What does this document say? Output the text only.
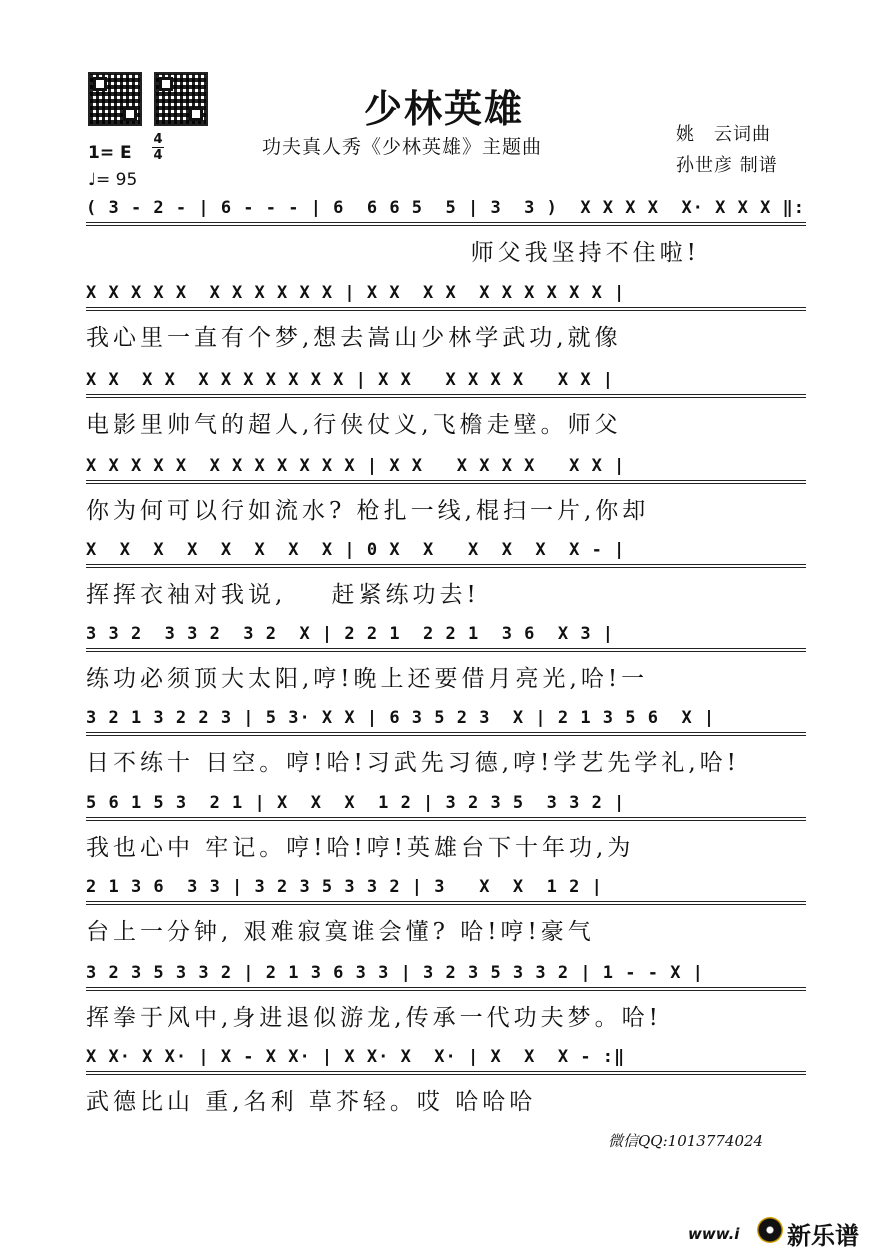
少林英雄
功夫真人秀《少林英雄》主题曲
姚　云词曲
孙世彦 制谱
1= E
4
4
♩= 95
( 3 - 2 - | 6 - - - | 6  6 6 5  5 | 3  3 )  X X X X  X· X X X ‖:
师父我坚持不住啦!
X X X X X  X X X X X X | X X  X X  X X X X X X |
我心里一直有个梦,想去嵩山少林学武功,就像
X X  X X  X X X X X X X | X X   X X X X   X X |
电影里帅气的超人,行侠仗义,飞檐走壁。师父
X X X X X  X X X X X X X | X X   X X X X   X X |
你为何可以行如流水? 枪扎一线,棍扫一片,你却
X  X  X  X  X  X  X  X | 0 X  X   X  X  X  X - |
挥挥衣袖对我说,    赶紧练功去!
3 3 2  3 3 2  3 2  X | 2 2 1  2 2 1  3 6  X 3 |
练功必须顶大太阳,哼!晚上还要借月亮光,哈!一
3 2 1 3 2 2 3 | 5 3· X X | 6 3 5 2 3  X | 2 1 3 5 6  X |
日不练十 日空。哼!哈!习武先习德,哼!学艺先学礼,哈!
5 6 1 5 3  2 1 | X  X  X  1 2 | 3 2 3 5  3 3 2 |
我也心中 牢记。哼!哈!哼!英雄台下十年功,为
2 1 3 6  3 3 | 3 2 3 5 3 3 2 | 3   X  X  1 2 |
台上一分钟, 艰难寂寞谁会懂? 哈!哼!豪气
3 2 3 5 3 3 2 | 2 1 3 6 3 3 | 3 2 3 5 3 3 2 | 1 - - X |
挥拳于风中,身进退似游龙,传承一代功夫梦。哈!
X X· X X· | X - X X· | X X· X  X· | X  X  X - :‖
武德比山 重,名利 草芥轻。哎 哈哈哈
微信QQ:1013774024
www.i 新乐谱
